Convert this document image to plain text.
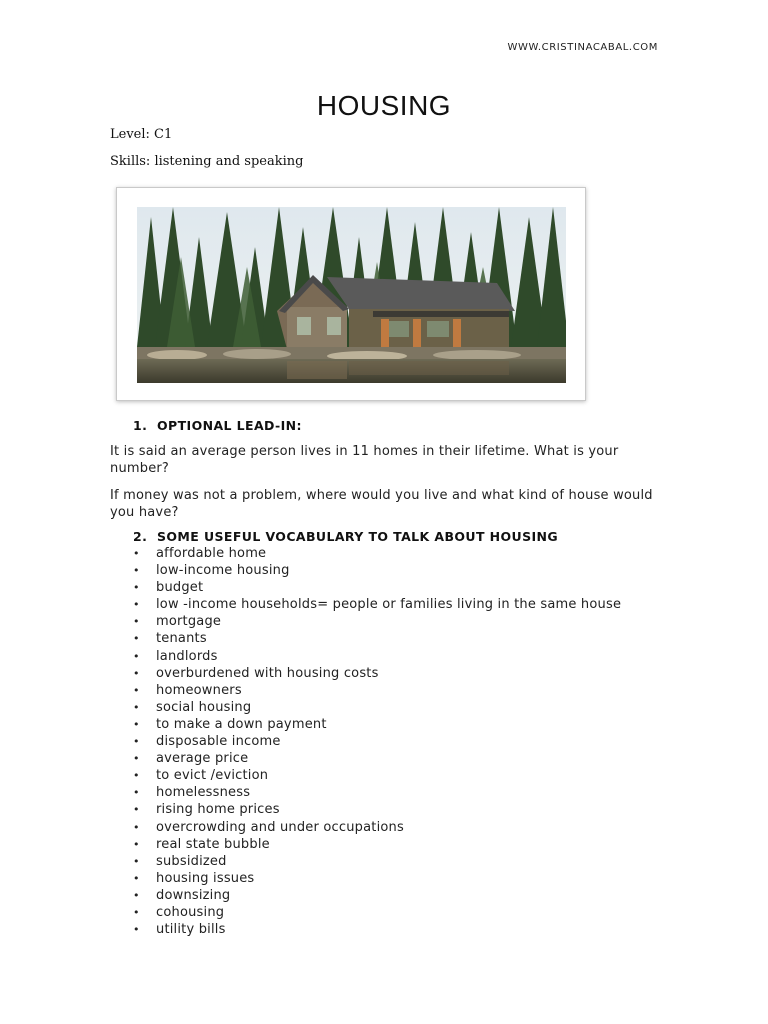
WWW.CRISTINACABAL.COM
HOUSING
Level: C1
Skills: listening and speaking
1. OPTIONAL LEAD-IN:

It is said an average person lives in 11 homes in their lifetime. What is your number?

If money was not a problem, where would you live and what kind of house would you have?

2. SOME USEFUL VOCABULARY TO TALK ABOUT HOUSING
• affordable home
• low-income housing
• budget
• low -income households= people or families living in the same house
• mortgage
• tenants
• landlords
• overburdened with housing costs
• homeowners
• social housing
• to make a down payment
• disposable income
• average price
• to evict /eviction
• homelessness
• rising home prices
• overcrowding and under occupations
• real state bubble
• subsidized
• housing issues
• downsizing
• cohousing
• utility bills
